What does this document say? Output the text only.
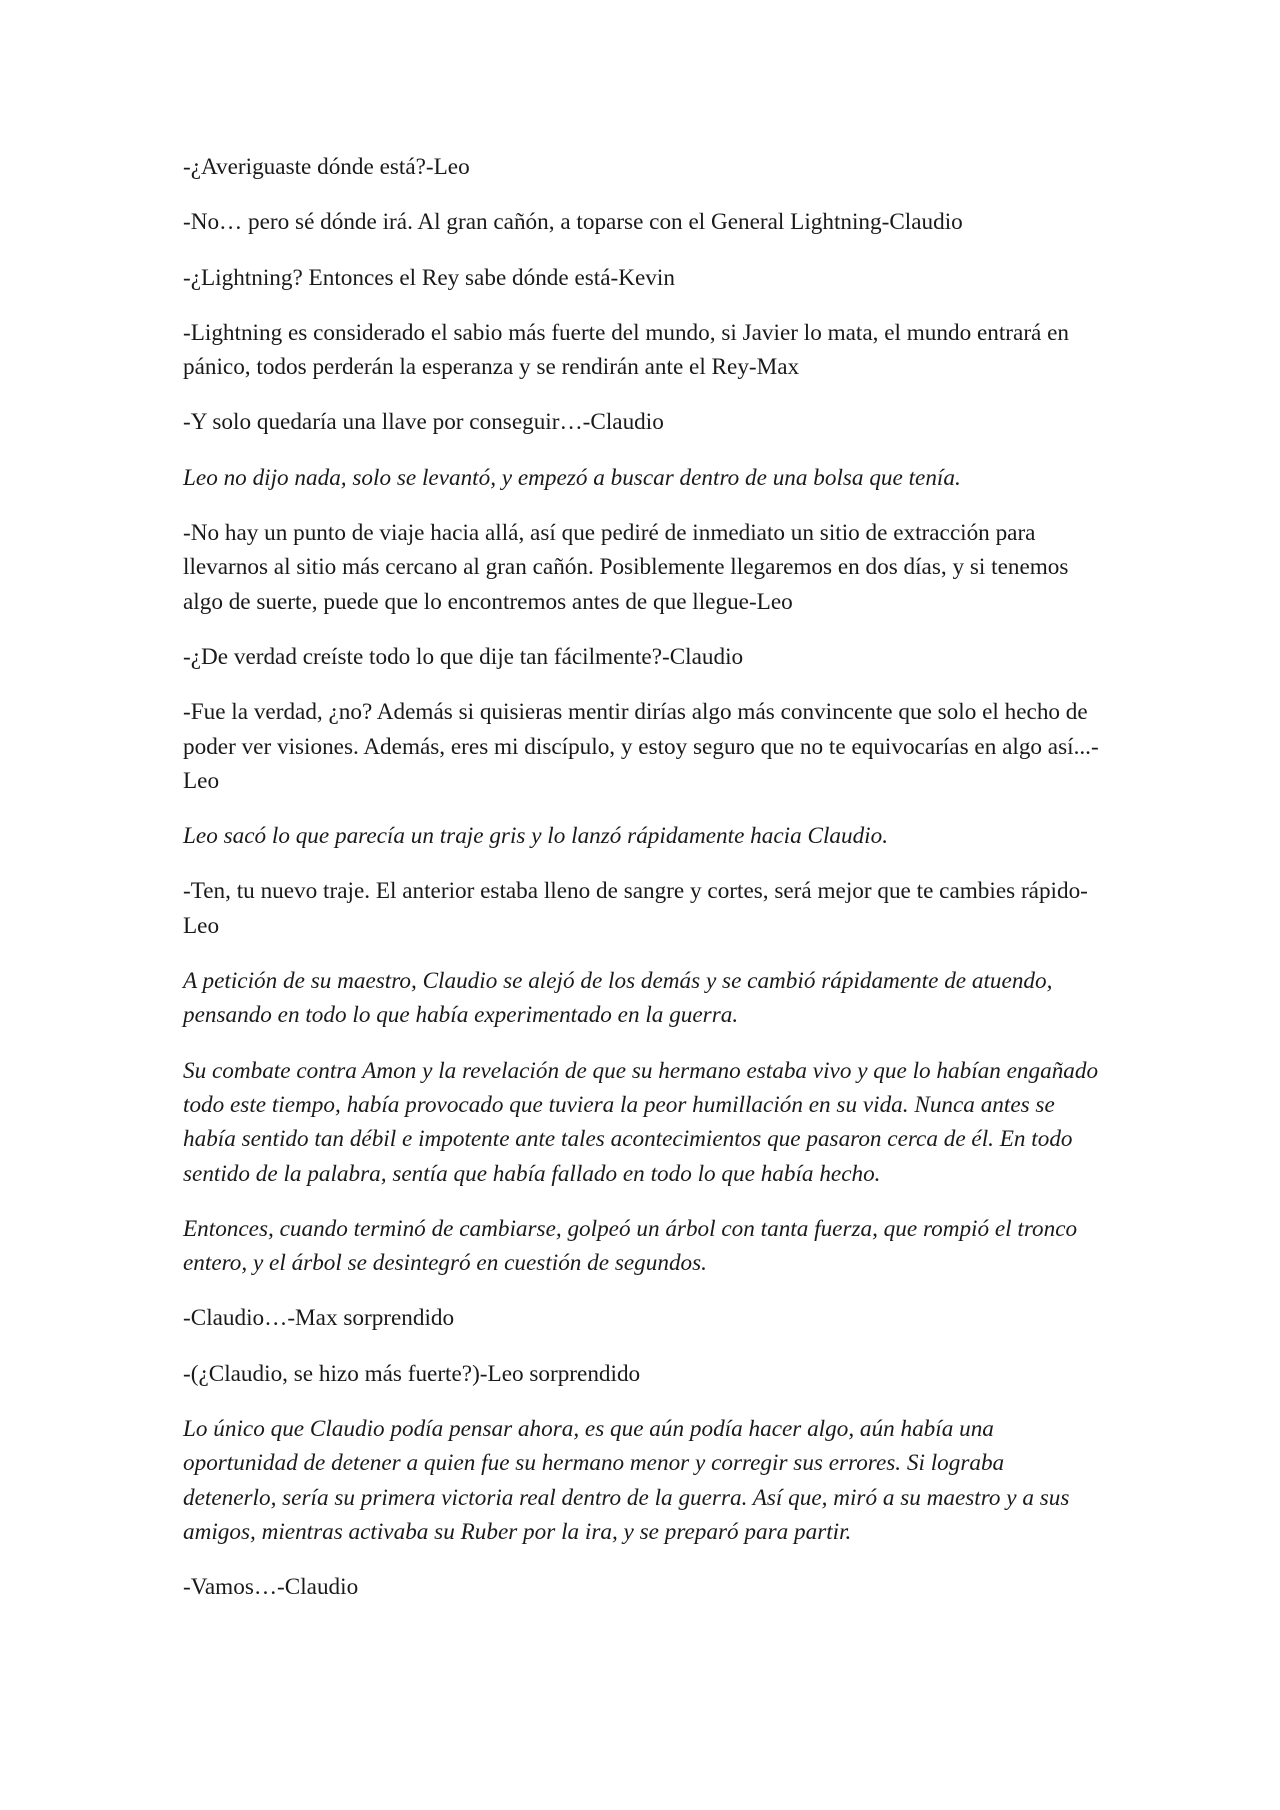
-¿Averiguaste dónde está?-Leo

-No… pero sé dónde irá. Al gran cañón, a toparse con el General Lightning-Claudio

-¿Lightning? Entonces el Rey sabe dónde está-Kevin

-Lightning es considerado el sabio más fuerte del mundo, si Javier lo mata, el mundo entrará en pánico, todos perderán la esperanza y se rendirán ante el Rey-Max

-Y solo quedaría una llave por conseguir…-Claudio

Leo no dijo nada, solo se levantó, y empezó a buscar dentro de una bolsa que tenía.

-No hay un punto de viaje hacia allá, así que pediré de inmediato un sitio de extracción para llevarnos al sitio más cercano al gran cañón. Posiblemente llegaremos en dos días, y si tenemos algo de suerte, puede que lo encontremos antes de que llegue-Leo

-¿De verdad creíste todo lo que dije tan fácilmente?-Claudio

-Fue la verdad, ¿no? Además si quisieras mentir dirías algo más convincente que solo el hecho de poder ver visiones. Además, eres mi discípulo, y estoy seguro que no te equivocarías en algo así...-Leo

Leo sacó lo que parecía un traje gris y lo lanzó rápidamente hacia Claudio.

-Ten, tu nuevo traje. El anterior estaba lleno de sangre y cortes, será mejor que te cambies rápido-Leo

A petición de su maestro, Claudio se alejó de los demás y se cambió rápidamente de atuendo, pensando en todo lo que había experimentado en la guerra.

Su combate contra Amon y la revelación de que su hermano estaba vivo y que lo habían engañado todo este tiempo, había provocado que tuviera la peor humillación en su vida. Nunca antes se había sentido tan débil e impotente ante tales acontecimientos que pasaron cerca de él. En todo sentido de la palabra, sentía que había fallado en todo lo que había hecho.

Entonces, cuando terminó de cambiarse, golpeó un árbol con tanta fuerza, que rompió el tronco entero, y el árbol se desintegró en cuestión de segundos.

-Claudio…-Max sorprendido

-(¿Claudio, se hizo más fuerte?)-Leo sorprendido

Lo único que Claudio podía pensar ahora, es que aún podía hacer algo, aún había una oportunidad de detener a quien fue su hermano menor y corregir sus errores. Si lograba detenerlo, sería su primera victoria real dentro de la guerra. Así que, miró a su maestro y a sus amigos, mientras activaba su Ruber por la ira, y se preparó para partir.

-Vamos…-Claudio
